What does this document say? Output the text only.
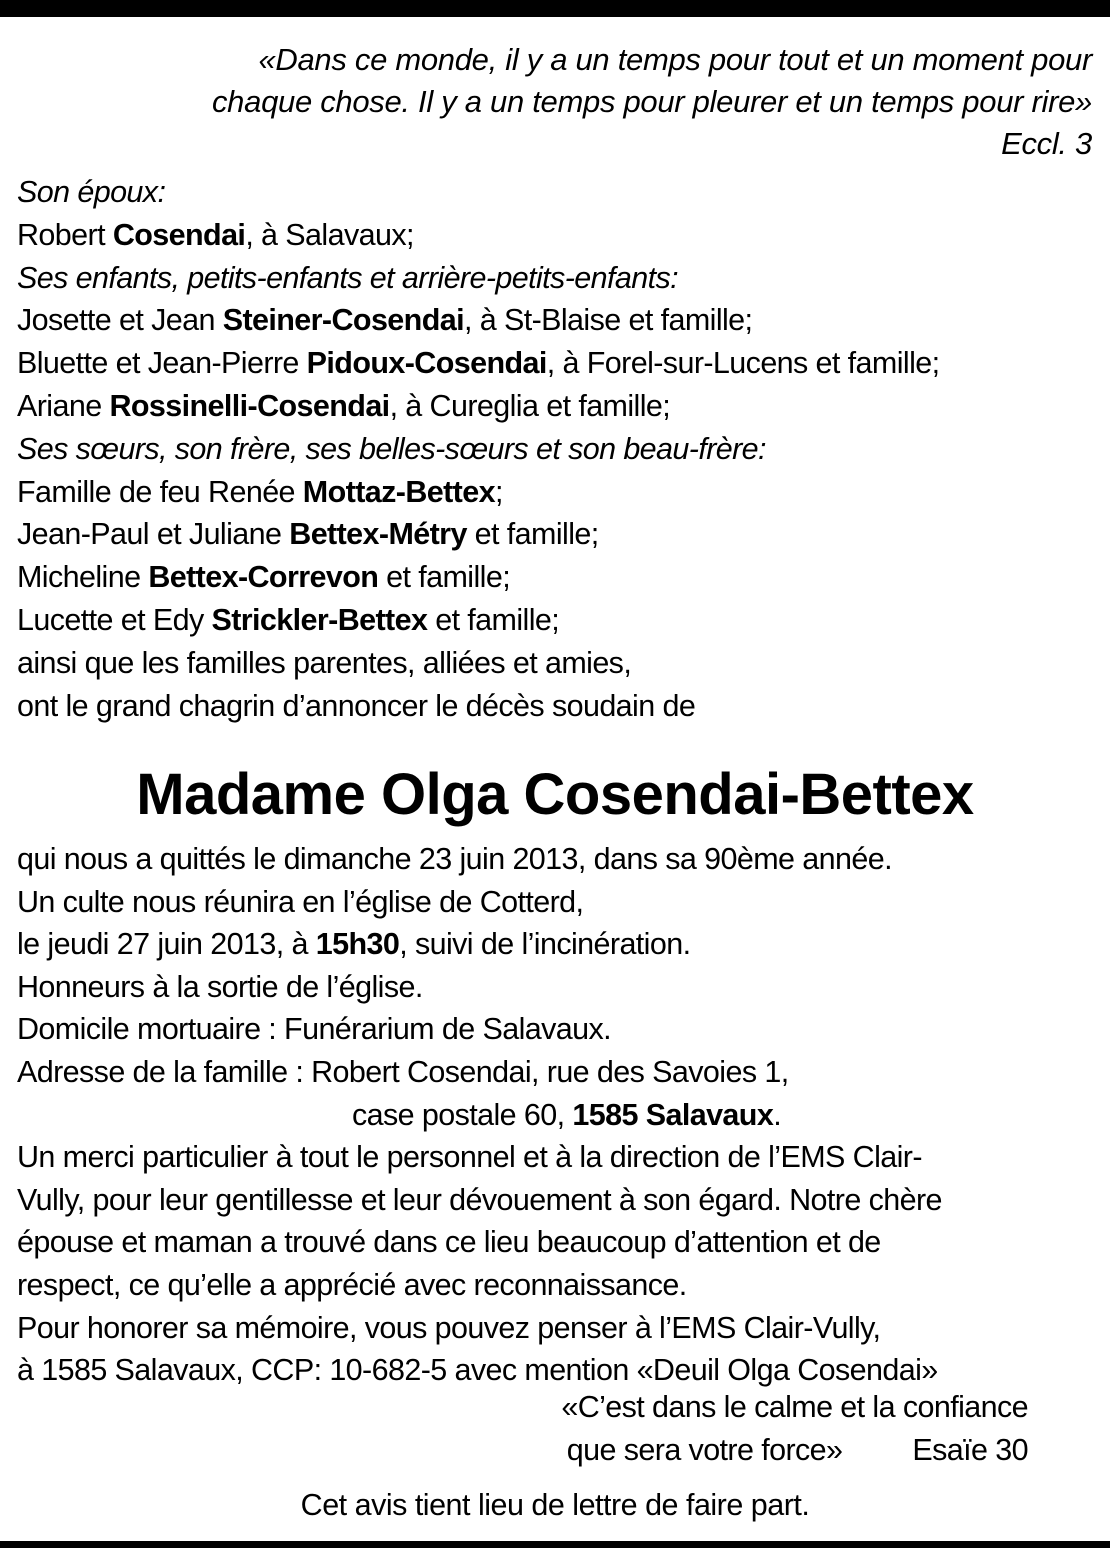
«Dans ce monde, il y a un temps pour tout et un moment pour
chaque chose. Il y a un temps pour pleurer et un temps pour rire»
Eccl. 3
Son époux:
Robert Cosendai, à Salavaux;
Ses enfants, petits-enfants et arrière-petits-enfants:
Josette et Jean Steiner-Cosendai, à St-Blaise et famille;
Bluette et Jean-Pierre Pidoux-Cosendai, à Forel-sur-Lucens et famille;
Ariane Rossinelli-Cosendai, à Cureglia et famille;
Ses sœurs, son frère, ses belles-sœurs et son beau-frère:
Famille de feu Renée Mottaz-Bettex;
Jean-Paul et Juliane Bettex-Métry et famille;
Micheline Bettex-Correvon et famille;
Lucette et Edy Strickler-Bettex et famille;
ainsi que les familles parentes, alliées et amies,
ont le grand chagrin d’annoncer le décès soudain de
Madame Olga Cosendai-Bettex
qui nous a quittés le dimanche 23 juin 2013, dans sa 90ème année.
Un culte nous réunira en l’église de Cotterd,
le jeudi 27 juin 2013, à 15h30, suivi de l’incinération.
Honneurs à la sortie de l’église.
Domicile mortuaire : Funérarium de Salavaux.
Adresse de la famille : Robert Cosendai, rue des Savoies 1,
case postale 60, 1585 Salavaux.
Un merci particulier à tout le personnel et à la direction de l’EMS Clair-
Vully, pour leur gentillesse et leur dévouement à son égard. Notre chère
épouse et maman a trouvé dans ce lieu beaucoup d’attention et de
respect, ce qu’elle a apprécié avec reconnaissance.
Pour honorer sa mémoire, vous pouvez penser à l’EMS Clair-Vully,
à 1585 Salavaux, CCP: 10-682-5 avec mention «Deuil Olga Cosendai»
«C’est dans le calme et la confiance
que sera votre force» Esaïe 30
Cet avis tient lieu de lettre de faire part.
